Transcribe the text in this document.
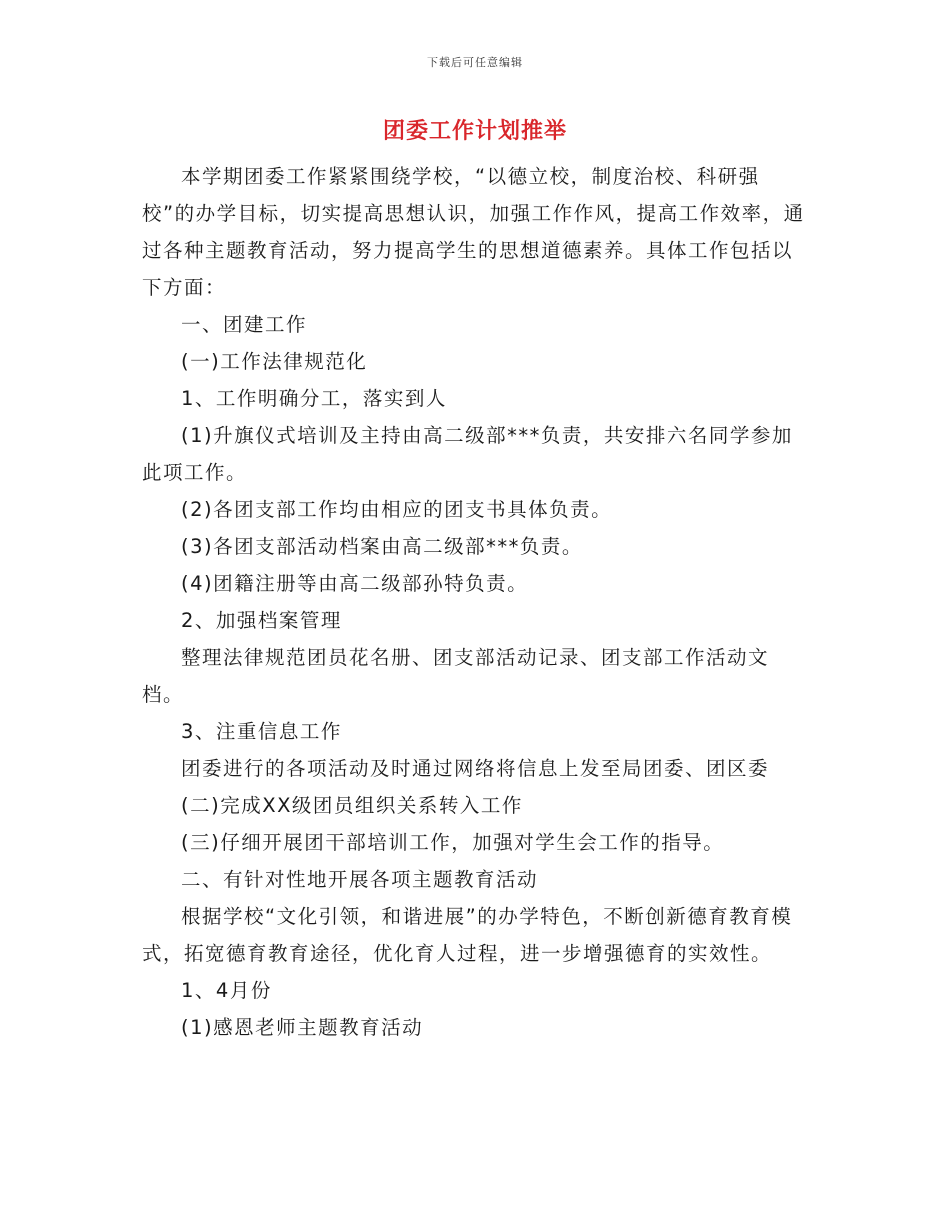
下载后可任意编辑
团委工作计划推举

本学期团委工作紧紧围绕学校，“以德立校，制度治校、科研强校”的办学目标，切实提高思想认识，加强工作作风，提高工作效率，通过各种主题教育活动，努力提高学生的思想道德素养。具体工作包括以下方面：

一、团建工作

(一)工作法律规范化

1、工作明确分工，落实到人

(1)升旗仪式培训及主持由高二级部***负责，共安排六名同学参加此项工作。

(2)各团支部工作均由相应的团支书具体负责。

(3)各团支部活动档案由高二级部***负责。

(4)团籍注册等由高二级部孙特负责。

2、加强档案管理

整理法律规范团员花名册、团支部活动记录、团支部工作活动文档。

3、注重信息工作

团委进行的各项活动及时通过网络将信息上发至局团委、团区委

(二)完成XX级团员组织关系转入工作

(三)仔细开展团干部培训工作，加强对学生会工作的指导。

二、有针对性地开展各项主题教育活动

根据学校“文化引领，和谐进展”的办学特色，不断创新德育教育模式，拓宽德育教育途径，优化育人过程，进一步增强德育的实效性。

1、4月份

(1)感恩老师主题教育活动
